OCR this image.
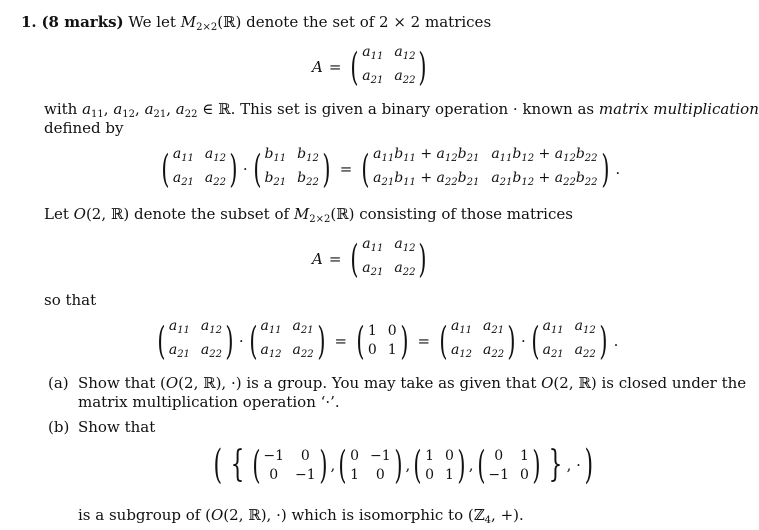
1. (8 marks) We let $M_{2\times 2}(ℝ)$ denote the set of 2 × 2 matrices
A = ( $a_{11}$ $a_{12}$
$a_{21}$ $a_{22}$ )
with $a_{11}$, $a_{12}$, $a_{21}$, $a_{22}$ ∈ ℝ. This set is given a binary operation · known as matrix multiplication
defined by
( $a_{11}$ $a_{12}$
$a_{21}$ $a_{22}$ ) · ( $b_{11}$ $b_{12}$
$b_{21}$ $b_{22}$ ) = ( $a_{11}b_{11} + a_{12}b_{21}$ $a_{11}b_{12} + a_{12}b_{22}$
$a_{21}b_{11} + a_{22}b_{21}$ $a_{21}b_{12} + a_{22}b_{22}$ ) .
Let O(2, ℝ) denote the subset of $M_{2\times 2}(ℝ)$ consisting of those matrices
A = ( $a_{11}$ $a_{12}$
$a_{21}$ $a_{22}$ )
so that
( $a_{11}$ $a_{12}$
$a_{21}$ $a_{22}$ ) · ( $a_{11}$ $a_{21}$
$a_{12}$ $a_{22}$ ) = ( 1 0
0 1 ) = ( $a_{11}$ $a_{21}$
$a_{12}$ $a_{22}$ ) · ( $a_{11}$ $a_{12}$
$a_{21}$ $a_{22}$ ) .
(a) Show that (O(2, ℝ), ·) is a group. You may take as given that O(2, ℝ) is closed under the
matrix multiplication operation ‘·’.
(b) Show that
( { ( −1	0
0	−1 ) , ( 0 −1
1	0 ) , ( 1 0
0 1 ) , ( 0	1
−1 0 ) } , · )
is a subgroup of (O(2, ℝ), ·) which is isomorphic to (ℤ$_4$, +).
